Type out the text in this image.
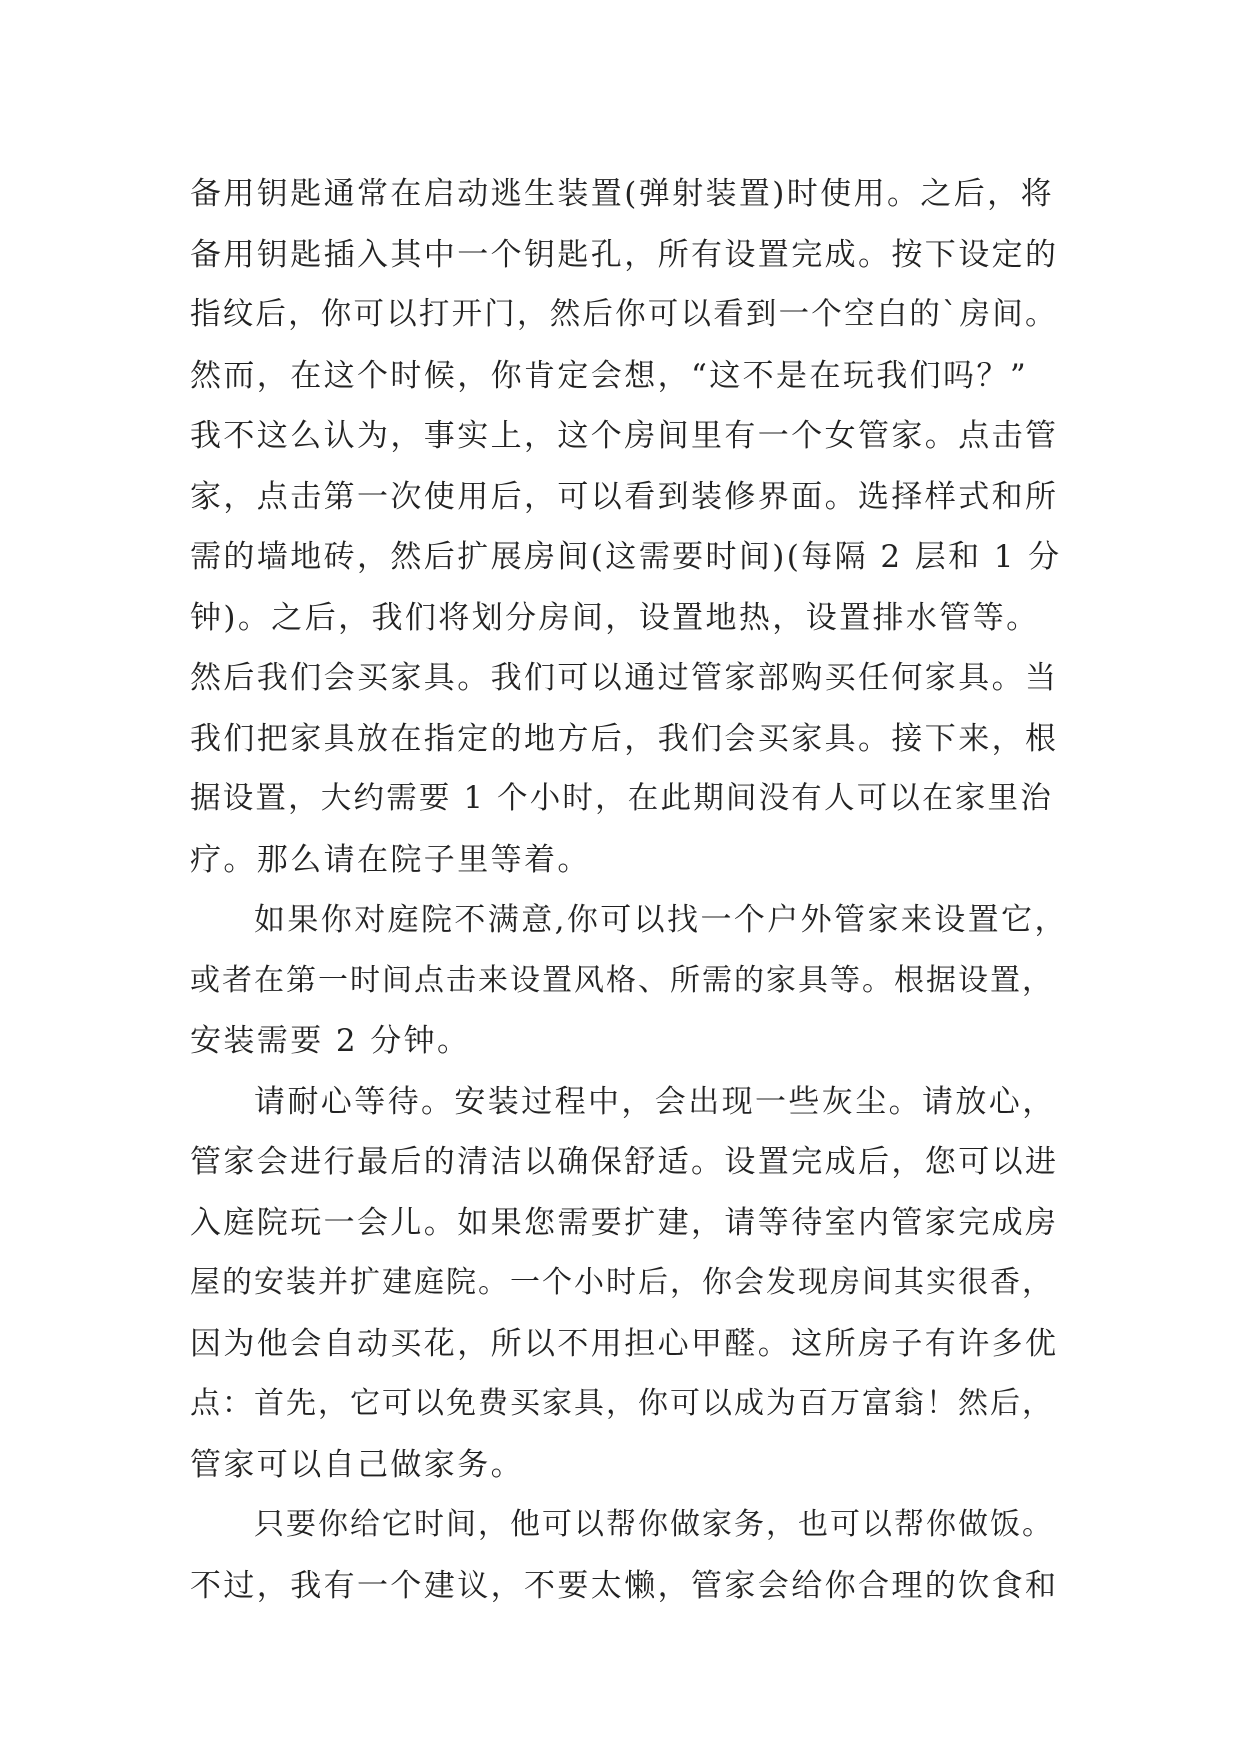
备用钥匙通常在启动逃生装置(弹射装置)时使用。之后，将
备用钥匙插入其中一个钥匙孔，所有设置完成。按下设定的
指纹后，你可以打开门，然后你可以看到一个空白的`房间。
然而，在这个时候，你肯定会想，“这不是在玩我们吗？”
我不这么认为，事实上，这个房间里有一个女管家。点击管
家，点击第一次使用后，可以看到装修界面。选择样式和所
需的墙地砖，然后扩展房间(这需要时间)(每隔 2 层和 1 分
钟)。之后，我们将划分房间，设置地热，设置排水管等。
然后我们会买家具。我们可以通过管家部购买任何家具。当
我们把家具放在指定的地方后，我们会买家具。接下来，根
据设置，大约需要 1 个小时，在此期间没有人可以在家里治
疗。那么请在院子里等着。
如果你对庭院不满意,你可以找一个户外管家来设置它，
或者在第一时间点击来设置风格、所需的家具等。根据设置，
安装需要 2 分钟。
请耐心等待。安装过程中，会出现一些灰尘。请放心，
管家会进行最后的清洁以确保舒适。设置完成后，您可以进
入庭院玩一会儿。如果您需要扩建，请等待室内管家完成房
屋的安装并扩建庭院。一个小时后，你会发现房间其实很香，
因为他会自动买花，所以不用担心甲醛。这所房子有许多优
点：首先，它可以免费买家具，你可以成为百万富翁！然后，
管家可以自己做家务。
只要你给它时间，他可以帮你做家务，也可以帮你做饭。
不过，我有一个建议，不要太懒，管家会给你合理的饮食和
